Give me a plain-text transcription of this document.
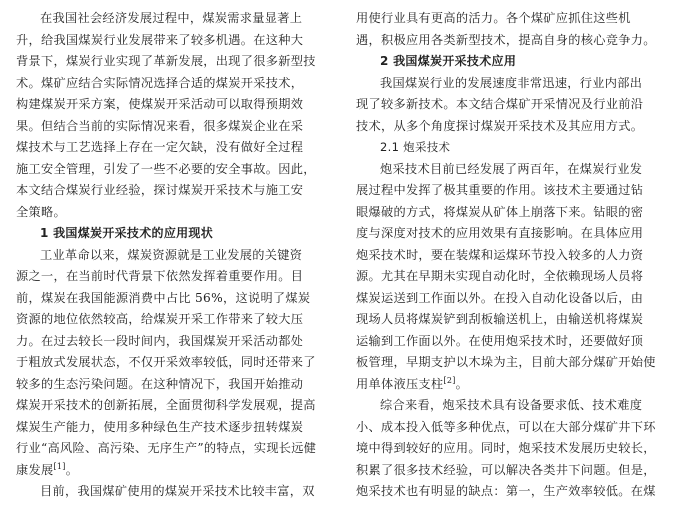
在我国社会经济发展过程中，煤炭需求量显著上
升，给我国煤炭行业发展带来了较多机遇。在这种大
背景下，煤炭行业实现了革新发展，出现了很多新型技
术。煤矿应结合实际情况选择合适的煤炭开采技术，
构建煤炭开采方案，使煤炭开采活动可以取得预期效
果。但结合当前的实际情况来看，很多煤炭企业在采
煤技术与工艺选择上存在一定欠缺，没有做好全过程
施工安全管理，引发了一些不必要的安全事故。因此，
本文结合煤炭行业经验，探讨煤炭开采技术与施工安
全策略。
1 我国煤炭开采技术的应用现状
工业革命以来，煤炭资源就是工业发展的关键资
源之一，在当前时代背景下依然发挥着重要作用。目
前，煤炭在我国能源消费中占比 56%，这说明了煤炭
资源的地位依然较高，给煤炭开采工作带来了较大压
力。在过去较长一段时间内，我国煤炭开采活动都处
于粗放式发展状态，不仅开采效率较低，同时还带来了
较多的生态污染问题。在这种情况下，我国开始推动
煤炭开采技术的创新拓展，全面贯彻科学发展观，提高
煤炭生产能力，使用多种绿色生产技术逐步扭转煤炭
行业“高风险、高污染、无序生产”的特点，实现长远健
康发展[1]。
目前，我国煤矿使用的煤炭开采技术比较丰富，双
用使行业具有更高的活力。各个煤矿应抓住这些机
遇，积极应用各类新型技术，提高自身的核心竞争力。
2 我国煤炭开采技术应用
我国煤炭行业的发展速度非常迅速，行业内部出
现了较多新技术。本文结合煤矿开采情况及行业前沿
技术，从多个角度探讨煤炭开采技术及其应用方式。
2.1 炮采技术
炮采技术目前已经发展了两百年，在煤炭行业发
展过程中发挥了极其重要的作用。该技术主要通过钻
眼爆破的方式，将煤炭从矿体上崩落下来。钻眼的密
度与深度对技术的应用效果有直接影响。在具体应用
炮采技术时，要在装煤和运煤环节投入较多的人力资
源。尤其在早期未实现自动化时，全依赖现场人员将
煤炭运送到工作面以外。在投入自动化设备以后，由
现场人员将煤炭铲到刮板输送机上，由输送机将煤炭
运输到工作面以外。在使用炮采技术时，还要做好顶
板管理，早期支护以木垛为主，目前大部分煤矿开始使
用单体液压支柱[2]。
综合来看，炮采技术具有设备要求低、技术难度
小、成本投入低等多种优点，可以在大部分煤矿井下环
境中得到较好的应用。同时，炮采技术发展历史较长，
积累了很多技术经验，可以解决各类井下问题。但是，
炮采技术也有明显的缺点：第一，生产效率较低。在煤
